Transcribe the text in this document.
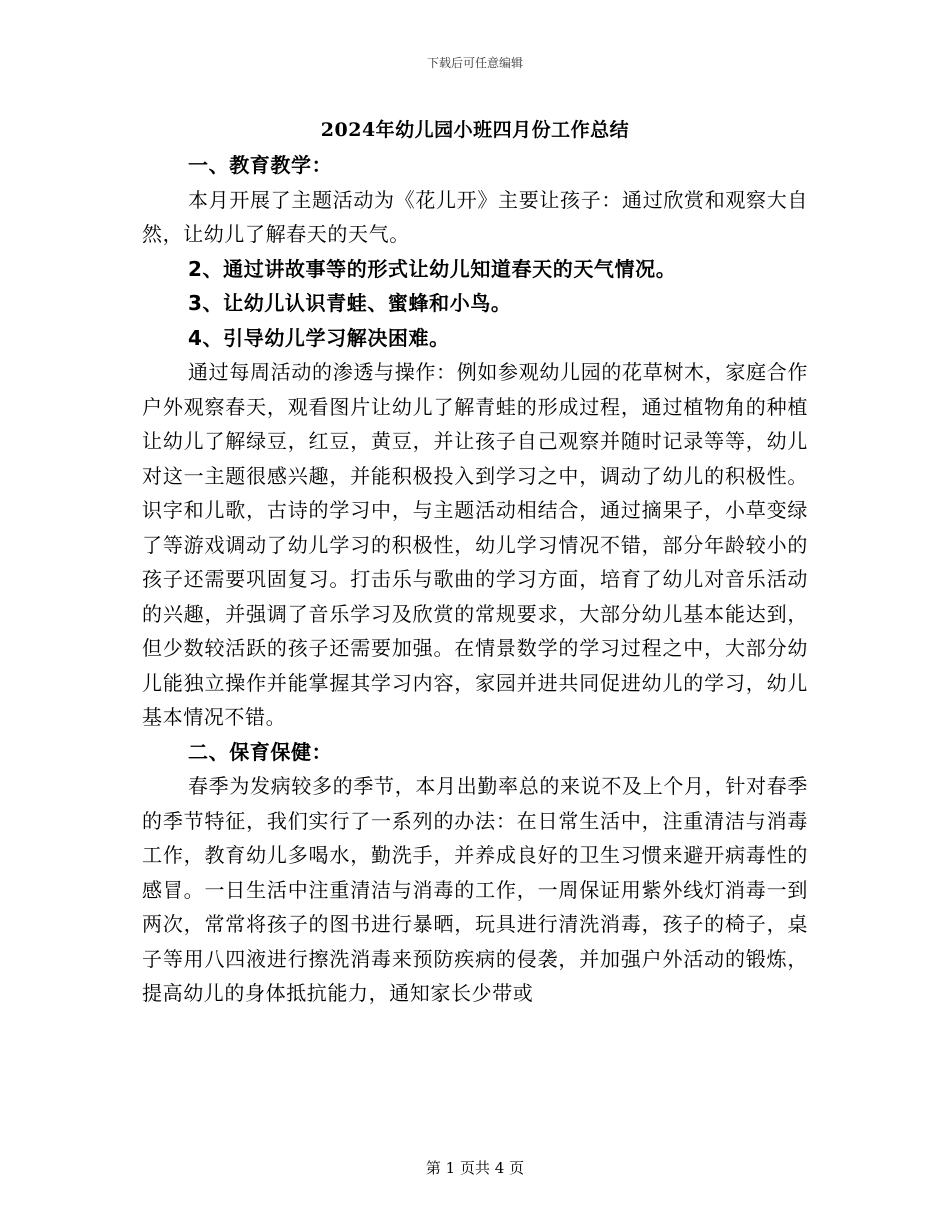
下载后可任意编辑
2024年幼儿园小班四月份工作总结

一、教育教学：

本月开展了主题活动为《花儿开》主要让孩子：通过欣赏和观察大自然，让幼儿了解春天的天气。

2、通过讲故事等的形式让幼儿知道春天的天气情况。

3、让幼儿认识青蛙、蜜蜂和小鸟。

4、引导幼儿学习解决困难。

通过每周活动的渗透与操作：例如参观幼儿园的花草树木，家庭合作户外观察春天，观看图片让幼儿了解青蛙的形成过程，通过植物角的种植让幼儿了解绿豆，红豆，黄豆，并让孩子自己观察并随时记录等等，幼儿对这一主题很感兴趣，并能积极投入到学习之中，调动了幼儿的积极性。识字和儿歌，古诗的学习中，与主题活动相结合，通过摘果子，小草变绿了等游戏调动了幼儿学习的积极性，幼儿学习情况不错，部分年龄较小的孩子还需要巩固复习。打击乐与歌曲的学习方面，培育了幼儿对音乐活动的兴趣，并强调了音乐学习及欣赏的常规要求，大部分幼儿基本能达到，但少数较活跃的孩子还需要加强。在情景数学的学习过程之中，大部分幼儿能独立操作并能掌握其学习内容，家园并进共同促进幼儿的学习，幼儿基本情况不错。

二、保育保健：

春季为发病较多的季节，本月出勤率总的来说不及上个月，针对春季的季节特征，我们实行了一系列的办法：在日常生活中，注重清洁与消毒工作，教育幼儿多喝水，勤洗手，并养成良好的卫生习惯来避开病毒性的感冒。一日生活中注重清洁与消毒的工作，一周保证用紫外线灯消毒一到两次，常常将孩子的图书进行暴晒，玩具进行清洗消毒，孩子的椅子，桌子等用八四液进行擦洗消毒来预防疾病的侵袭，并加强户外活动的锻炼，提高幼儿的身体抵抗能力，通知家长少带或

第 1 页共 4 页
